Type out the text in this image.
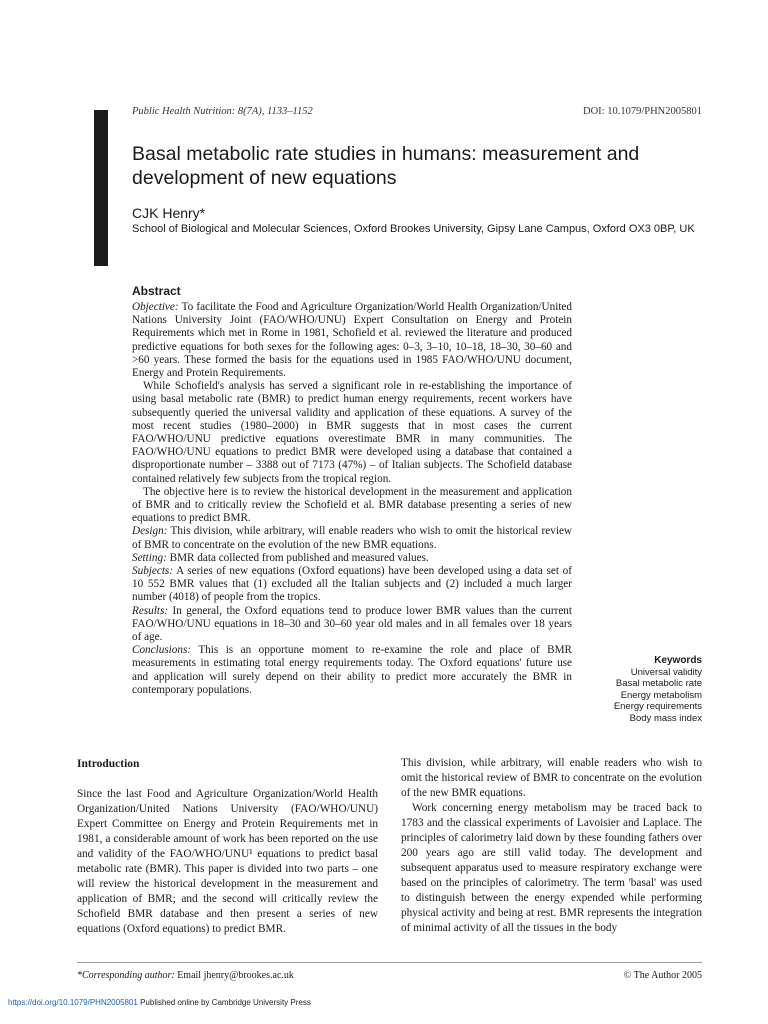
Public Health Nutrition: 8(7A), 1133–1152	DOI: 10.1079/PHN2005801
Basal metabolic rate studies in humans: measurement and development of new equations
CJK Henry*
School of Biological and Molecular Sciences, Oxford Brookes University, Gipsy Lane Campus, Oxford OX3 0BP, UK
Abstract

Objective: To facilitate the Food and Agriculture Organization/World Health Organization/United Nations University Joint (FAO/WHO/UNU) Expert Consultation on Energy and Protein Requirements which met in Rome in 1981, Schofield et al. reviewed the literature and produced predictive equations for both sexes for the following ages: 0–3, 3–10, 10–18, 18–30, 30–60 and >60 years. These formed the basis for the equations used in 1985 FAO/WHO/UNU document, Energy and Protein Requirements.

While Schofield's analysis has served a significant role in re-establishing the importance of using basal metabolic rate (BMR) to predict human energy requirements, recent workers have subsequently queried the universal validity and application of these equations. A survey of the most recent studies (1980–2000) in BMR suggests that in most cases the current FAO/WHO/UNU predictive equations overestimate BMR in many communities. The FAO/WHO/UNU equations to predict BMR were developed using a database that contained a disproportionate number – 3388 out of 7173 (47%) – of Italian subjects. The Schofield database contained relatively few subjects from the tropical region.

The objective here is to review the historical development in the measurement and application of BMR and to critically review the Schofield et al. BMR database presenting a series of new equations to predict BMR.

Design: This division, while arbitrary, will enable readers who wish to omit the historical review of BMR to concentrate on the evolution of the new BMR equations.

Setting: BMR data collected from published and measured values.

Subjects: A series of new equations (Oxford equations) have been developed using a data set of 10 552 BMR values that (1) excluded all the Italian subjects and (2) included a much larger number (4018) of people from the tropics.

Results: In general, the Oxford equations tend to produce lower BMR values than the current FAO/WHO/UNU equations in 18–30 and 30–60 year old males and in all females over 18 years of age.

Conclusions: This is an opportune moment to re-examine the role and place of BMR measurements in estimating total energy requirements today. The Oxford equations' future use and application will surely depend on their ability to predict more accurately the BMR in contemporary populations.

Keywords
Universal validity
Basal metabolic rate
Energy metabolism
Energy requirements
Body mass index
Introduction

Since the last Food and Agriculture Organization/World Health Organization/United Nations University (FAO/WHO/UNU) Expert Committee on Energy and Protein Requirements met in 1981, a considerable amount of work has been reported on the use and validity of the FAO/WHO/UNU¹ equations to predict basal metabolic rate (BMR). This paper is divided into two parts – one will review the historical development in the measurement and application of BMR; and the second will critically review the Schofield BMR database and then present a series of new equations (Oxford equations) to predict BMR.

This division, while arbitrary, will enable readers who wish to omit the historical review of BMR to concentrate on the evolution of the new BMR equations.

Work concerning energy metabolism may be traced back to 1783 and the classical experiments of Lavoisier and Laplace. The principles of calorimetry laid down by these founding fathers over 200 years ago are still valid today. The development and subsequent apparatus used to measure respiratory exchange were based on the principles of calorimetry. The term 'basal' was used to distinguish between the energy expended while performing physical activity and being at rest. BMR represents the integration of minimal activity of all the tissues in the body

*Corresponding author: Email jhenry@brookes.ac.uk	© The Author 2005
https://doi.org/10.1079/PHN2005801 Published online by Cambridge University Press
